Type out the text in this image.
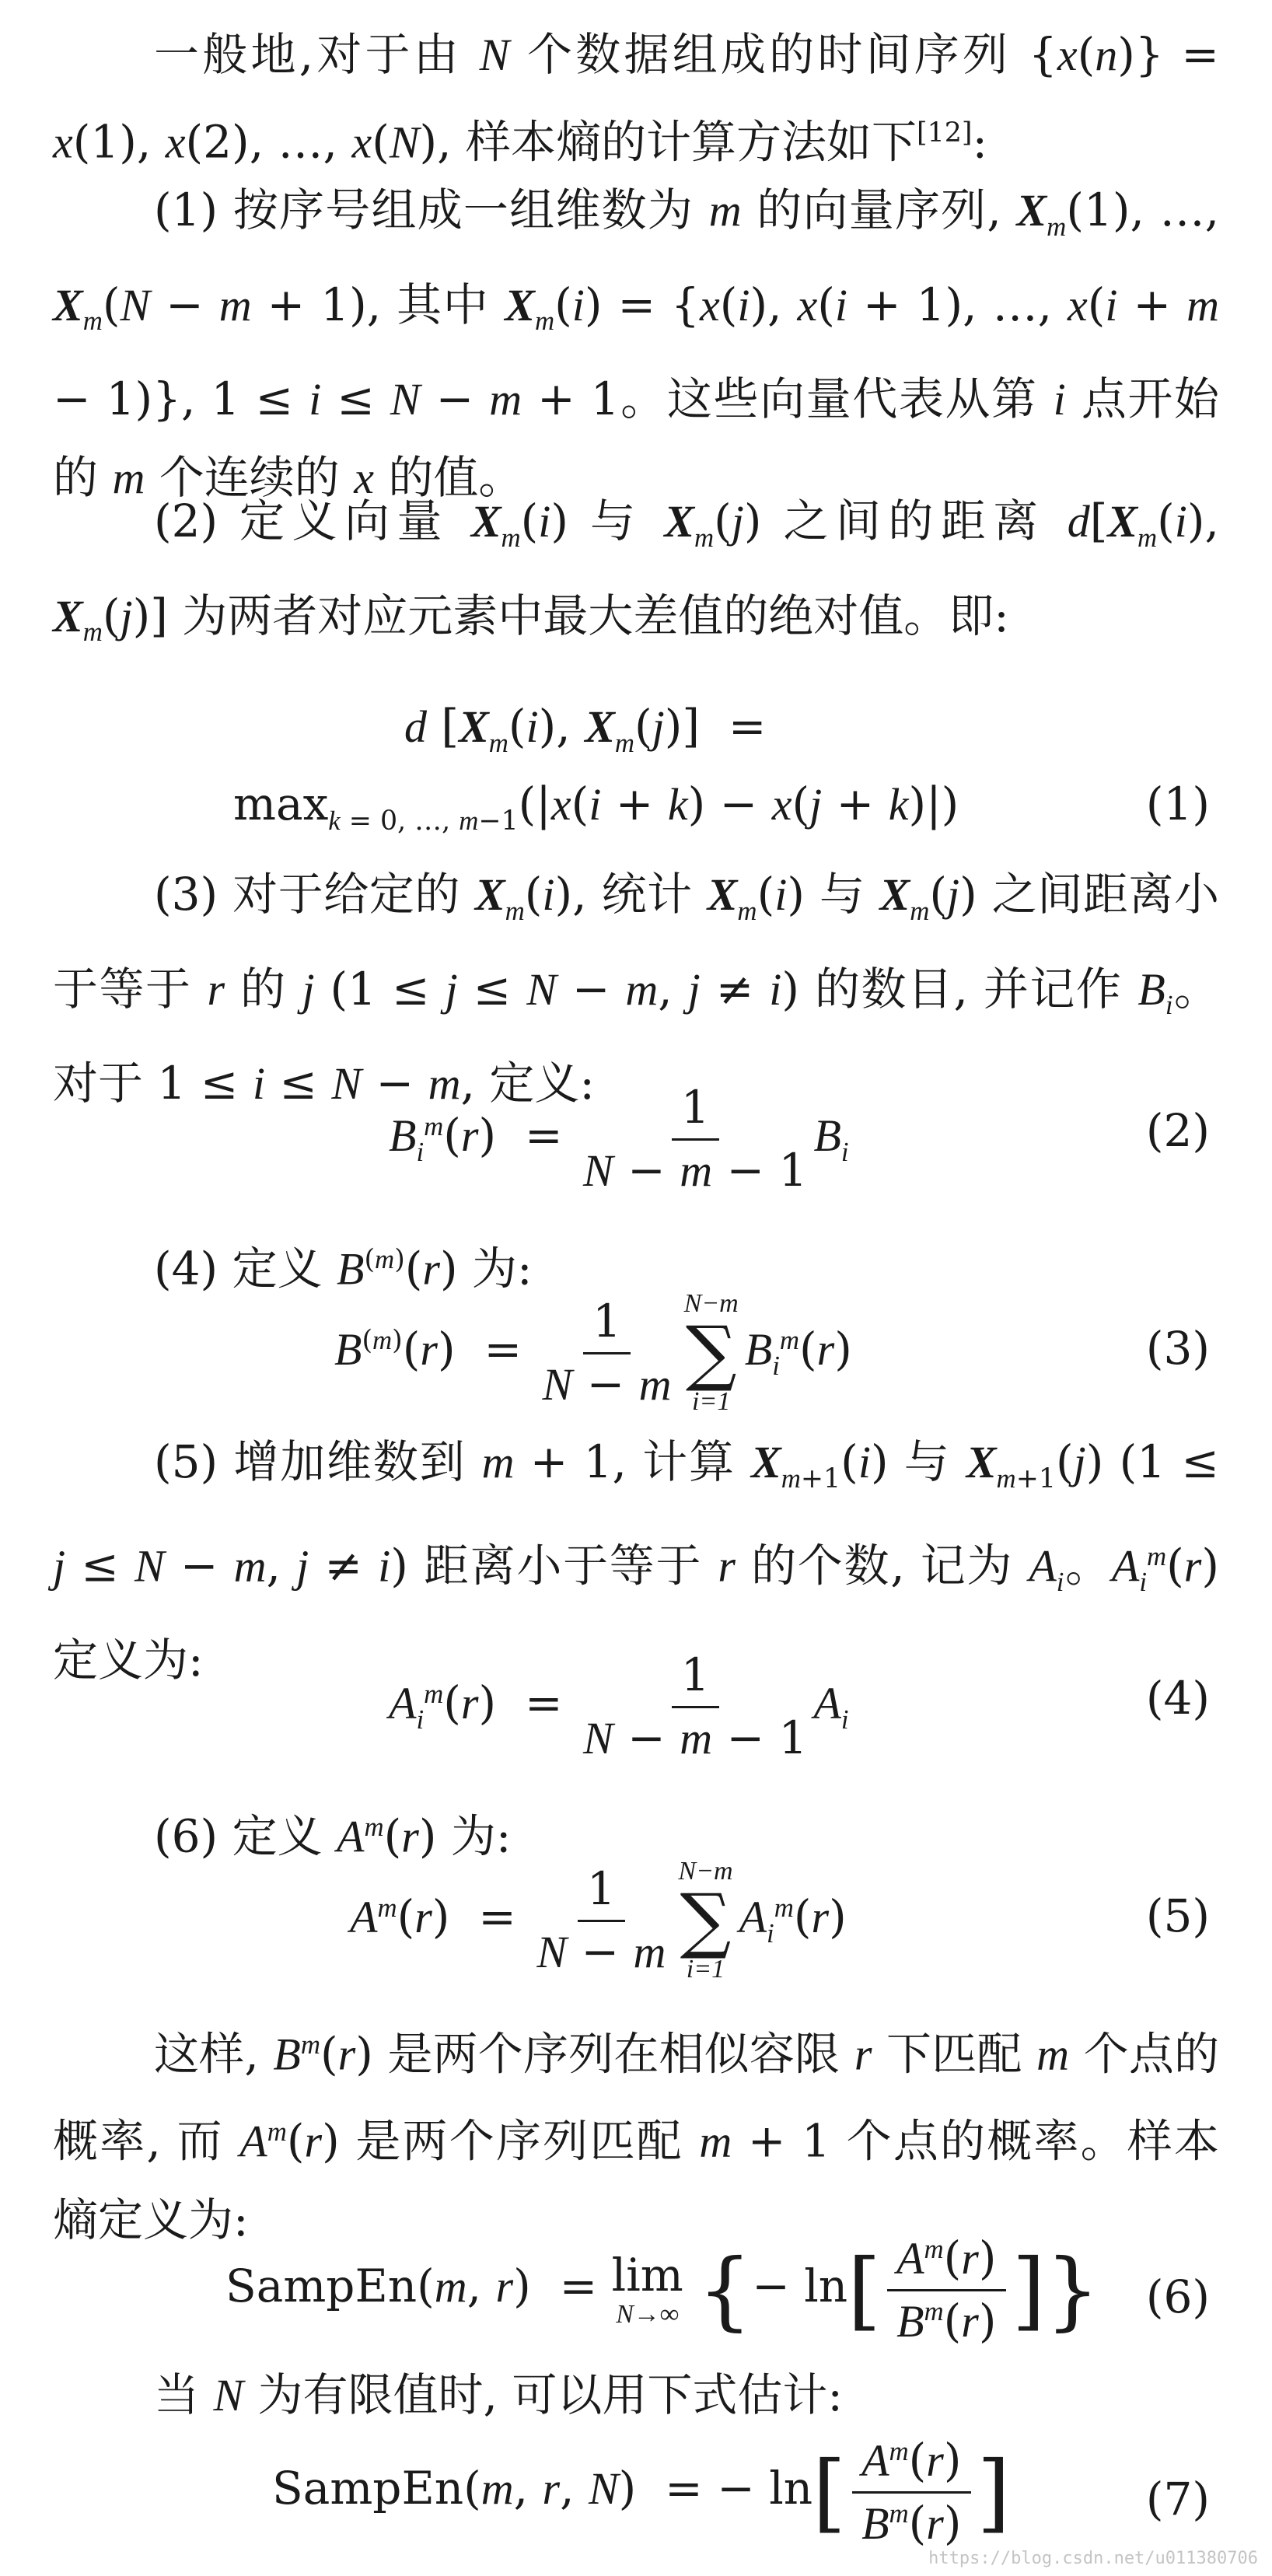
一般地,对于由 N 个数据组成的时间序列 {x(n)} = x(1), x(2), …, x(N), 样本熵的计算方法如下[12]:

(1) 按序号组成一组维数为 m 的向量序列, $X_m(1)$, …, $X_m(N - m + 1)$, 其中 $X_m(i) = \{x(i)$, x(i + 1), …, x(i + m − 1)}, 1 ≤ i ≤ N − m + 1。这些向量代表从第 i 点开始的 m 个连续的 x 的值。

(2) 定义向量 $X_m(i)$ 与 $X_m(j)$ 之间的距离 $d[X_m(i)$, $X_m(j)$] 为两者对应元素中最大差值的绝对值。即:

d [$X_m(i)$, $X_m(j)$]  =
$\max_{k = 0, \dots, m-1}(|x(i + k) - x(j + k)|)$	(1)

(3) 对于给定的 $X_m(i)$, 统计 $X_m(i)$ 与 $X_m(j)$ 之间距离小于等于 r 的 j (1 ≤ j ≤ N − m, j ≠ i) 的数目, 并记作 $B_i$。对于 1 ≤ i ≤ N − m, 定义:

$B_i^m(r) = \frac{1}{N - m - 1} B_i$	(2)

(4) 定义 $B^{(m)}(r)$ 为:

$B^{(m)}(r) = \frac{1}{N - m} N-m$
∑
i=1
$B_i^m(r)$	(3)

(5) 增加维数到 m + 1, 计算 $X_{m+1}(i)$ 与 $X_{m+1}(j) (1 \le j \le N - m$, j ≠ i) 距离小于等于 r 的个数, 记为 $A_i$。$A_i^m(r)$ 定义为:

$A_i^m(r) = \frac{1}{N - m - 1} A_i$	(4)

(6) 定义 $A^m(r)$ 为:

$A^m(r) = \frac{1}{N - m} N-m$
∑
i=1
$A_i^m(r)$	(5)

这样, $B^m(r)$ 是两个序列在相似容限 r 下匹配 m 个点的概率, 而 $A^m(r)$ 是两个序列匹配 m + 1 个点的概率。样本熵定义为:

SampEn(m, r)  = lim
N→∞ {− $\ln[ \frac{A^m(r)}{B^m(r)}$ ]} (6)

当 N 为有限值时, 可以用下式估计:

SampEn(m, r, N)  = − $\ln[ \frac{A^m(r)}{B^m(r)}$ ]	(7)
https://blog.csdn.net/u011380706
